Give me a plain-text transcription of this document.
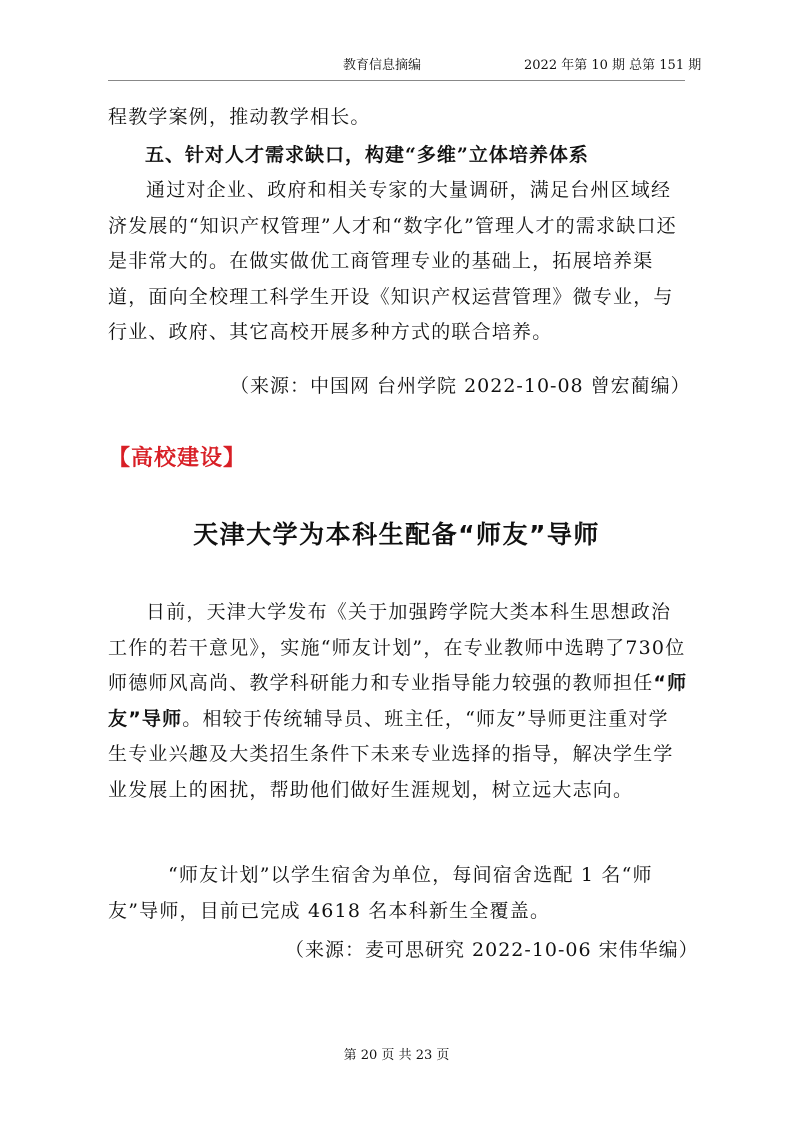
教育信息摘编	2022 年第 10 期 总第 151 期

程教学案例，推动教学相长。

五、针对人才需求缺口，构建“多维”立体培养体系

通过对企业、政府和相关专家的大量调研，满足台州区域经济发展的“知识产权管理”人才和“数字化”管理人才的需求缺口还是非常大的。在做实做优工商管理专业的基础上，拓展培养渠道，面向全校理工科学生开设《知识产权运营管理》微专业，与行业、政府、其它高校开展多种方式的联合培养。

（来源：中国网 台州学院 2022-10-08 曾宏蔺编）

【高校建设】

天津大学为本科生配备“师友”导师

日前，天津大学发布《关于加强跨学院大类本科生思想政治工作的若干意见》，实施“师友计划”，在专业教师中选聘了730位师德师风高尚、教学科研能力和专业指导能力较强的教师担任“师友”导师。相较于传统辅导员、班主任，“师友”导师更注重对学生专业兴趣及大类招生条件下未来专业选择的指导，解决学生学业发展上的困扰，帮助他们做好生涯规划，树立远大志向。

“师友计划”以学生宿舍为单位，每间宿舍选配 1 名“师友”导师，目前已完成 4618 名本科新生全覆盖。

（来源：麦可思研究 2022-10-06 宋伟华编）

第 20 页 共 23 页
